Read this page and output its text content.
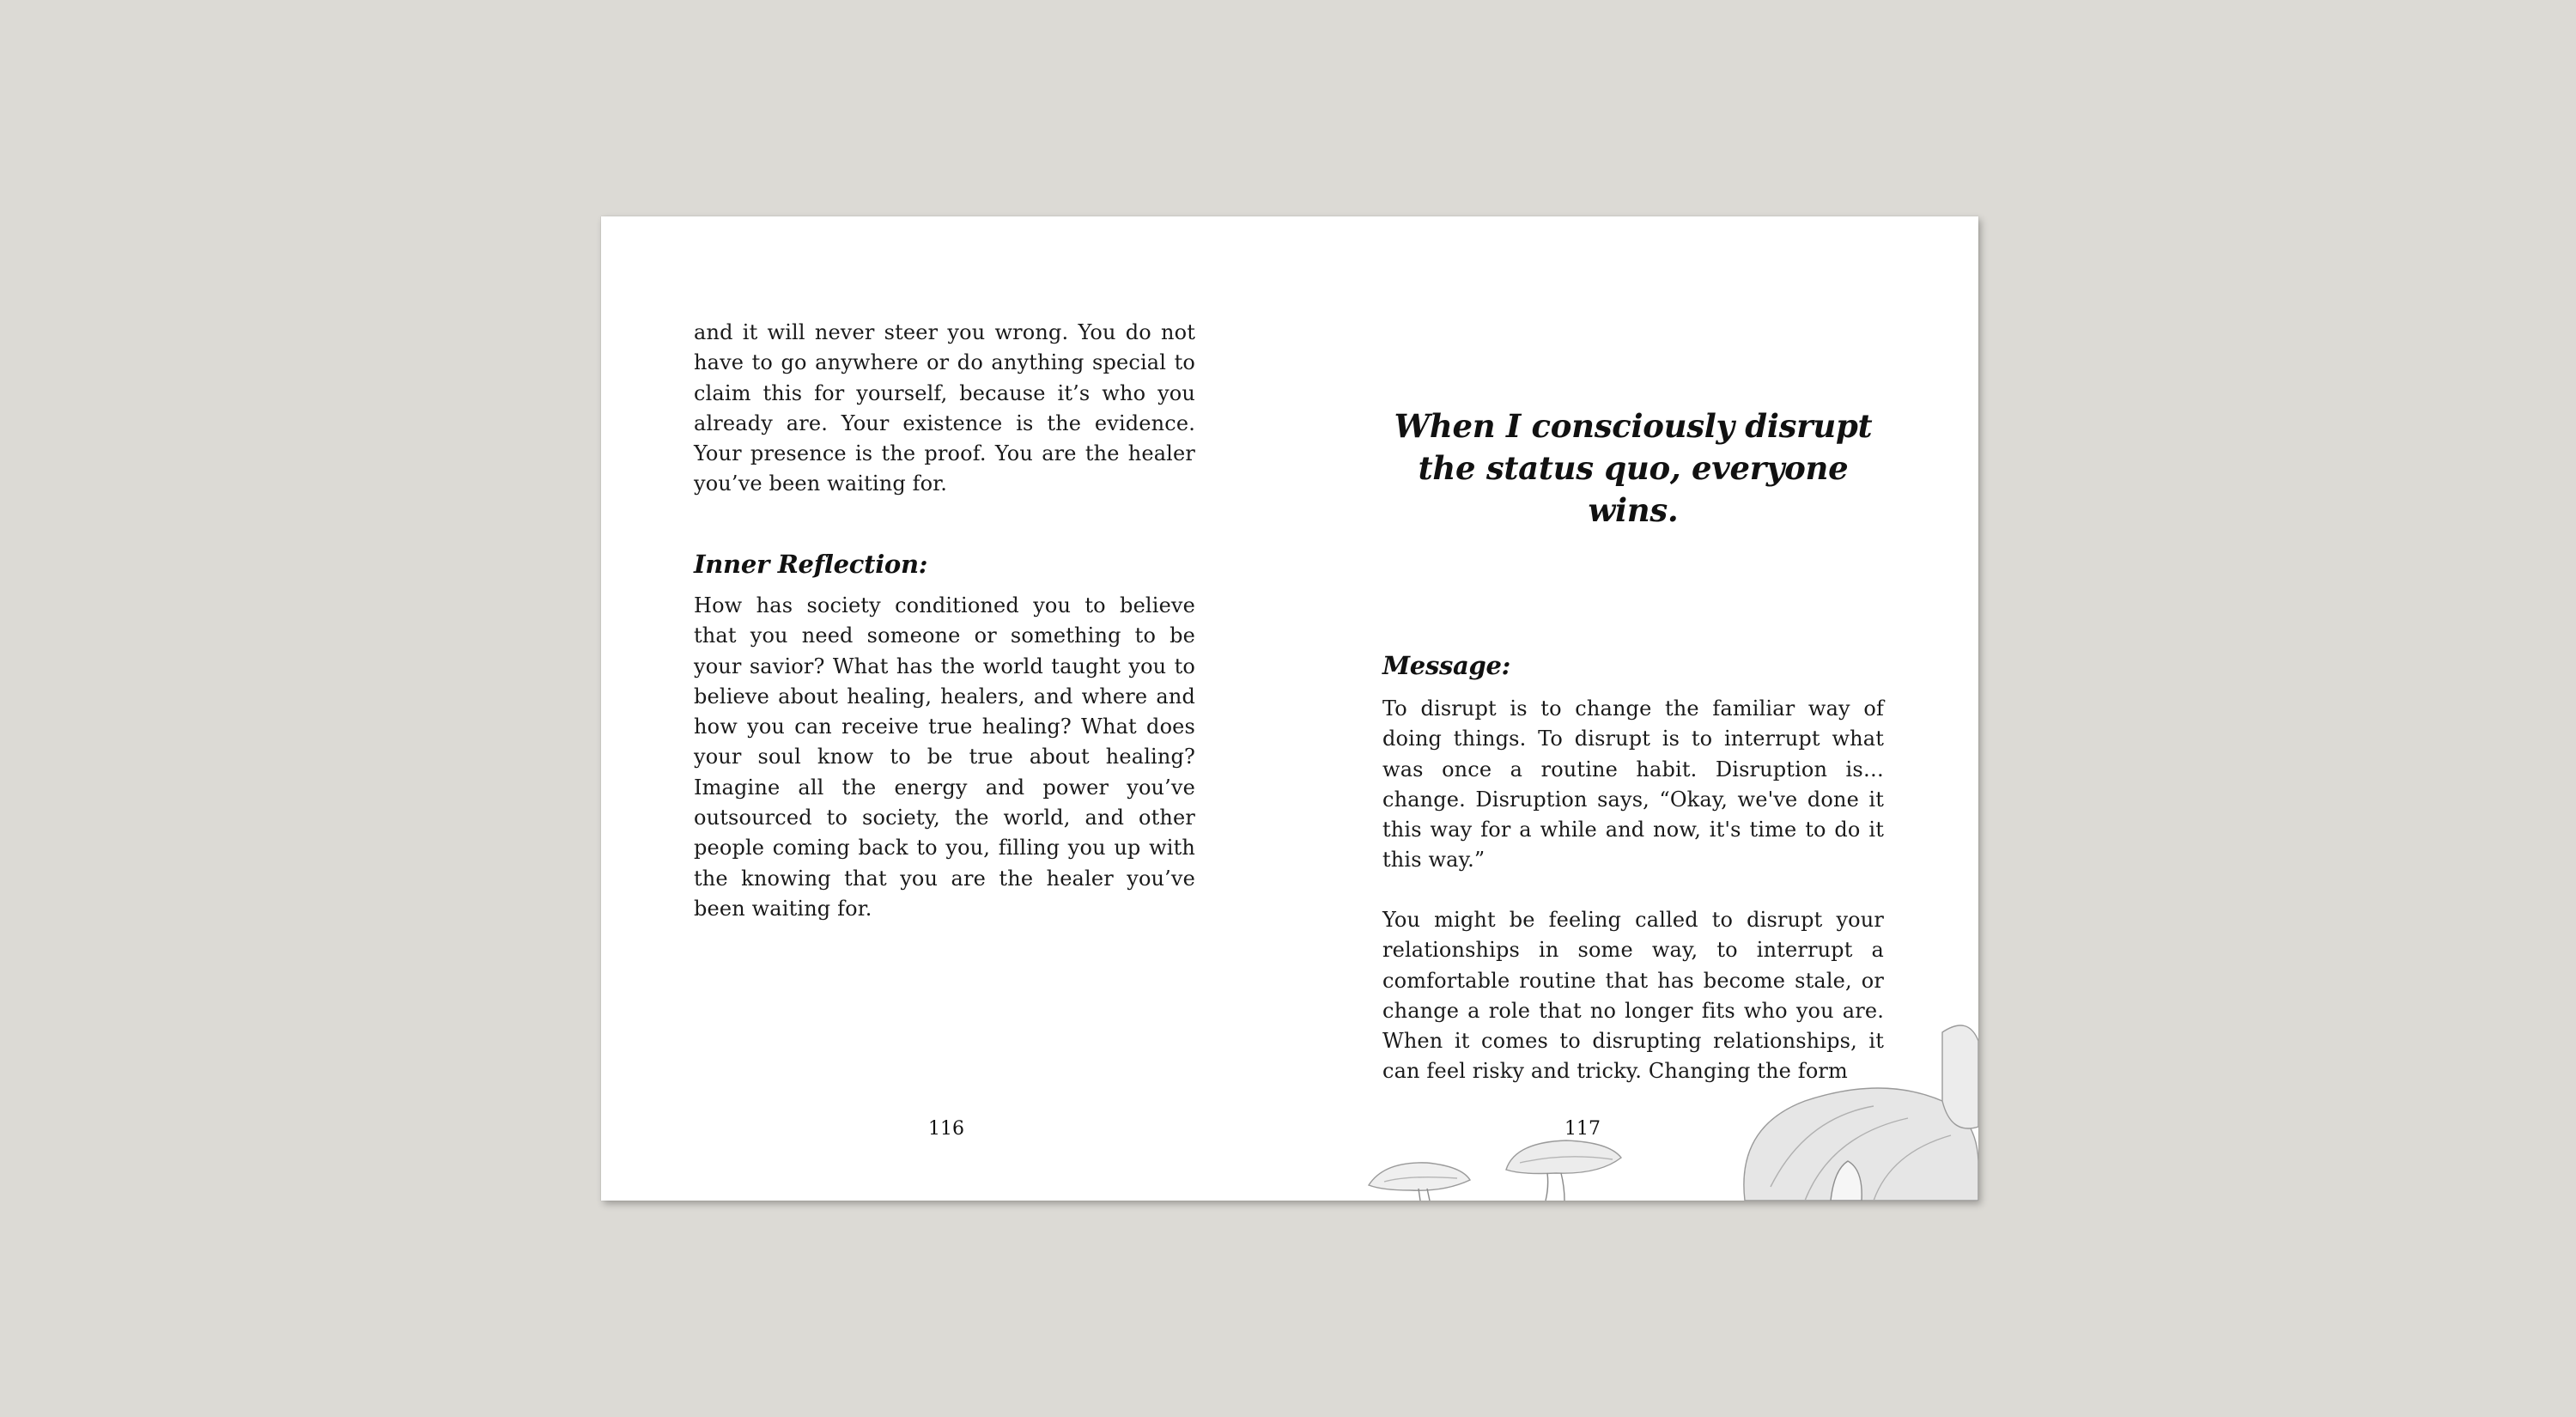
and it will never steer you wrong. You do not have to go anywhere or do anything special to claim this for yourself, because it’s who you already are. Your existence is the evidence. Your presence is the proof. You are the healer you’ve been waiting for.

Inner Reflection:

How has society conditioned you to believe that you need someone or something to be your savior? What has the world taught you to believe about healing, healers, and where and how you can receive true healing? What does your soul know to be true about healing? Imagine all the energy and power you’ve outsourced to society, the world, and other people coming back to you, filling you up with the knowing that you are the healer you’ve been waiting for.

116
When I consciously disrupt the status quo, everyone wins.
Message:

To disrupt is to change the familiar way of doing things. To disrupt is to interrupt what was once a routine habit. Disruption is… change. Disruption says, “Okay, we've done it this way for a while and now, it's time to do it this way.”

You might be feeling called to disrupt your relationships in some way, to interrupt a comfortable routine that has become stale, or change a role that no longer fits who you are. When it comes to disrupting relationships, it can feel risky and tricky. Changing the form

117
